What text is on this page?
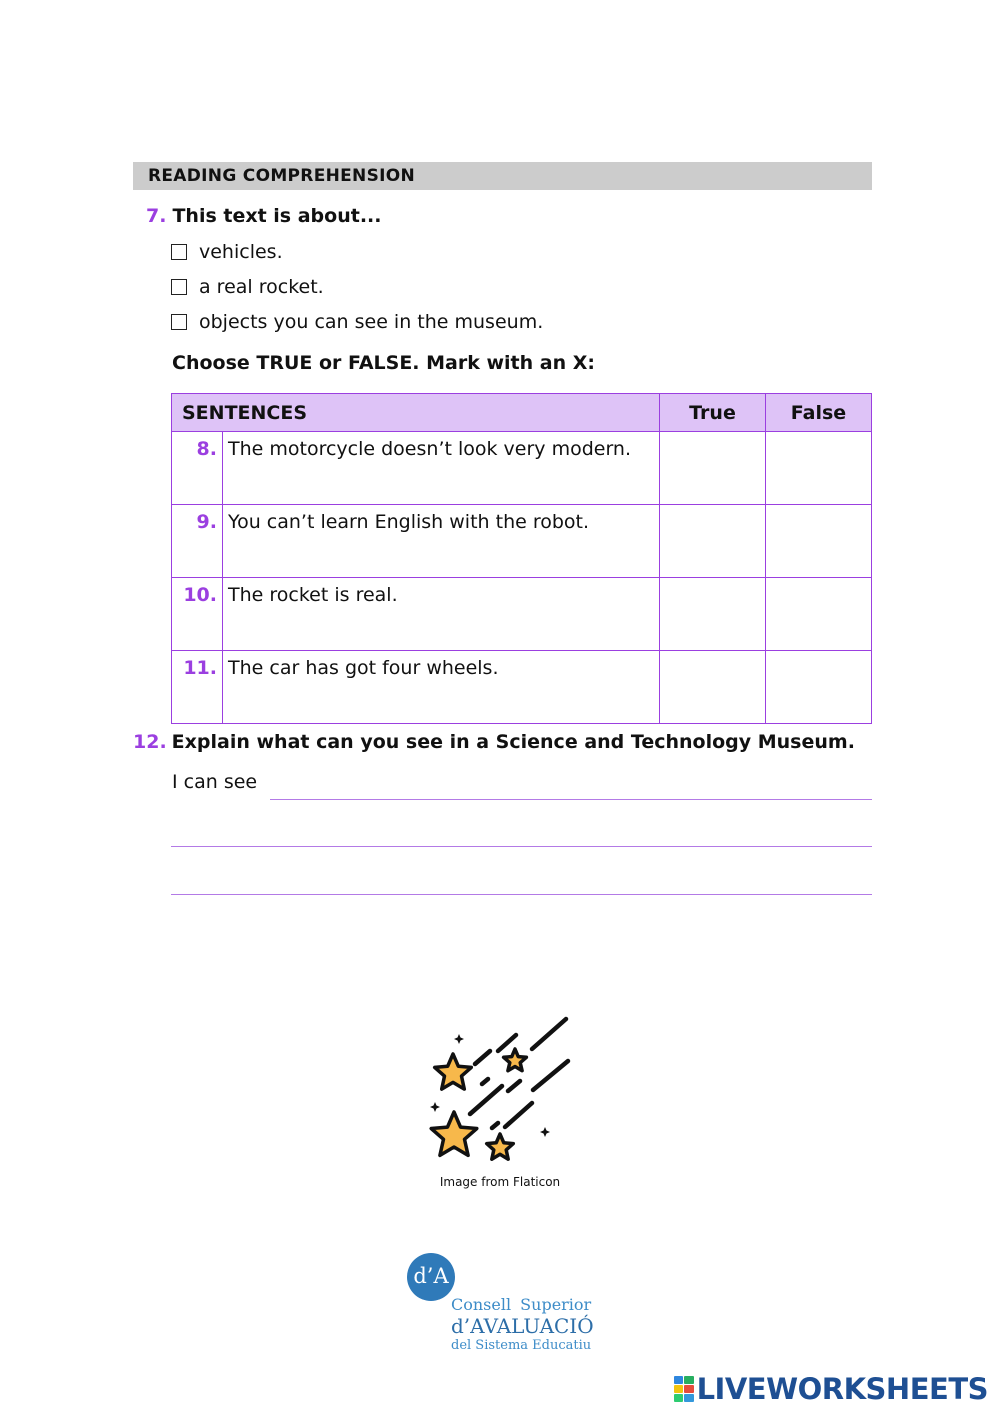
READING COMPREHENSION
7. This text is about...
vehicles.
a real rocket.
objects you can see in the museum.
Choose TRUE or FALSE. Mark with an X:
SENTENCES		True	False
8.	The motorcycle doesn’t look very modern.		
9.	You can’t learn English with the robot.		
10.	The rocket is real.		
11.	The car has got four wheels.		
12. Explain what can you see in a Science and Technology Museum.
I can see
Image from Flaticon
d’A
Consell Superior
d’AVALUACIÓ
del Sistema Educatiu
LIVEWORKSHEETS
